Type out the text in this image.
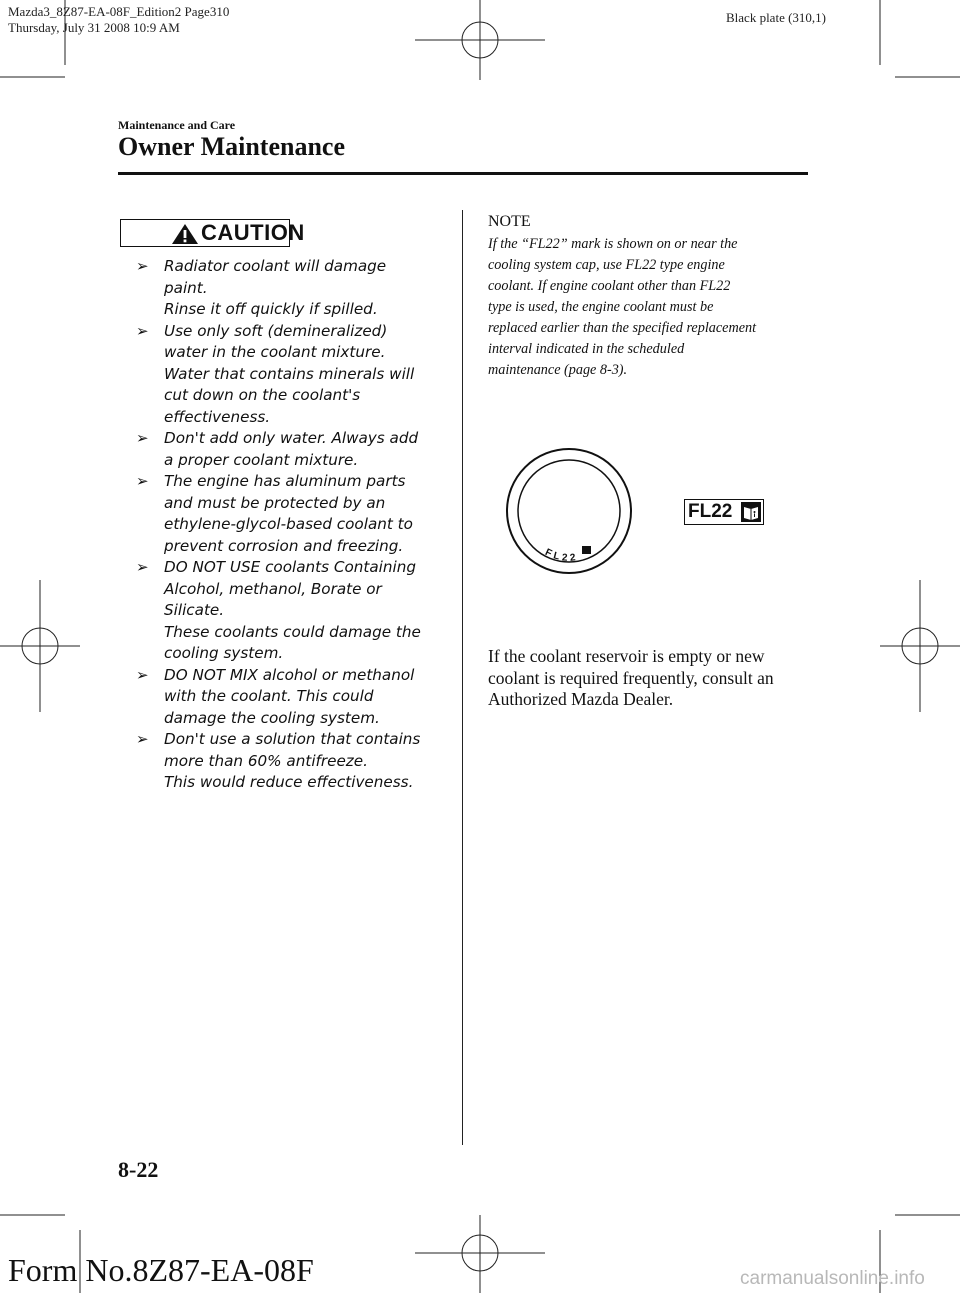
Mazda3_8Z87-EA-08F_Edition2 Page310
Thursday, July 31 2008 10:9 AM
Black plate (310,1)
Maintenance and Care
Owner Maintenance
CAUTION
➢ Radiator coolant will damage
paint.
Rinse it off quickly if spilled.
➢ Use only soft (demineralized)
water in the coolant mixture.
Water that contains minerals will
cut down on the coolant's
effectiveness.
➢ Don't add only water. Always add
a proper coolant mixture.
➢ The engine has aluminum parts
and must be protected by an
ethylene-glycol-based coolant to
prevent corrosion and freezing.
➢ DO NOT USE coolants Containing
Alcohol, methanol, Borate or
Silicate.
These coolants could damage the
cooling system.
➢ DO NOT MIX alcohol or methanol
with the coolant. This could
damage the cooling system.
➢ Don't use a solution that contains
more than 60% antifreeze.
This would reduce effectiveness.
NOTE
If the “FL22” mark is shown on or near the
cooling system cap, use FL22 type engine
coolant. If engine coolant other than FL22
type is used, the engine coolant must be
replaced earlier than the specified replacement
interval indicated in the scheduled
maintenance (page 8-3).
FL22
FL22
If the coolant reservoir is empty or new
coolant is required frequently, consult an
Authorized Mazda Dealer.
8-22
Form No.8Z87-EA-08F	carmanualsonline.info
